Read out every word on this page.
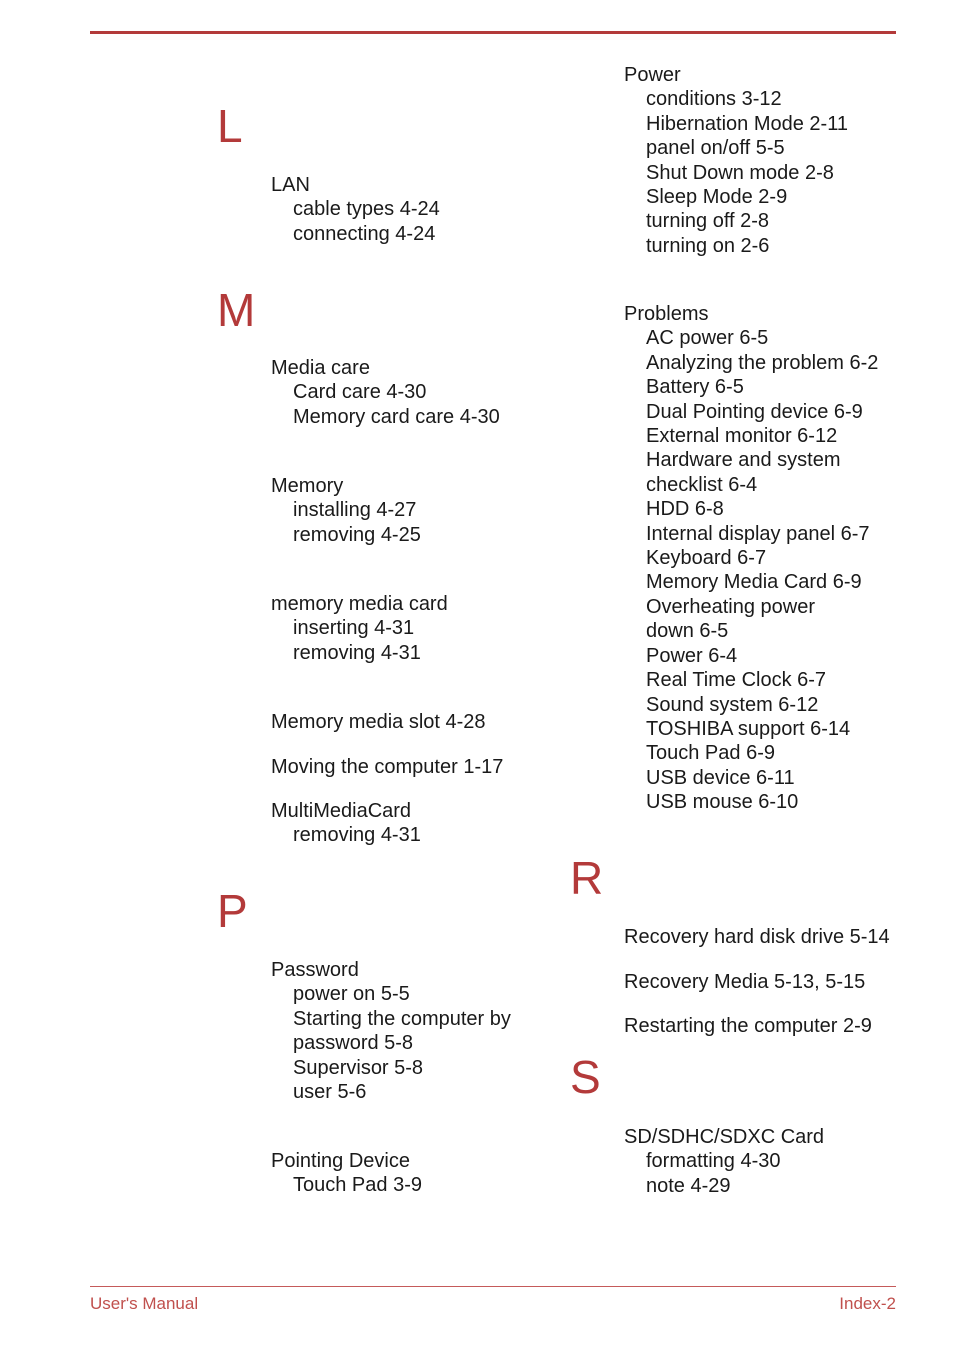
L
LAN
cable types 4-24
connecting 4-24
M
Media care
Card care 4-30
Memory card care 4-30
Memory
installing 4-27
removing 4-25
memory media card
inserting 4-31
removing 4-31
Memory media slot 4-28
Moving the computer 1-17
MultiMediaCard
removing 4-31
P
Password
power on 5-5
Starting the computer by
password 5-8
Supervisor 5-8
user 5-6
Pointing Device
Touch Pad 3-9
Power
conditions 3-12
Hibernation Mode 2-11
panel on/off 5-5
Shut Down mode 2-8
Sleep Mode 2-9
turning off 2-8
turning on 2-6
Problems
AC power 6-5
Analyzing the problem 6-2
Battery 6-5
Dual Pointing device 6-9
External monitor 6-12
Hardware and system
checklist 6-4
HDD 6-8
Internal display panel 6-7
Keyboard 6-7
Memory Media Card 6-9
Overheating power
down 6-5
Power 6-4
Real Time Clock 6-7
Sound system 6-12
TOSHIBA support 6-14
Touch Pad 6-9
USB device 6-11
USB mouse 6-10
R
Recovery hard disk drive 5-14
Recovery Media 5-13, 5-15
Restarting the computer 2-9
S
SD/SDHC/SDXC Card
formatting 4-30
note 4-29
User's Manual	Index-2
